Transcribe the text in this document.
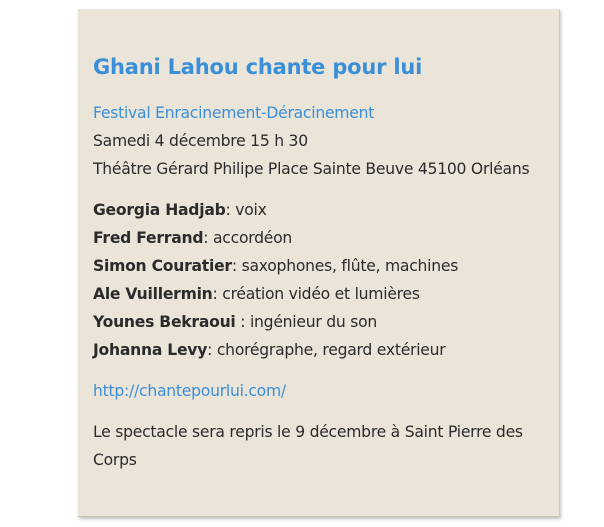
Ghani Lahou chante pour lui
Festival Enracinement-Déracinement
Samedi 4 décembre 15 h 30
Théâtre Gérard Philipe Place Sainte Beuve 45100 Orléans
Georgia Hadjab: voix
Fred Ferrand: accordéon
Simon Couratier: saxophones, flûte, machines
Ale Vuillermin: création vidéo et lumières
Younes Bekraoui : ingénieur du son
Johanna Levy: chorégraphe, regard extérieur
http://chantepourlui.com/

Le spectacle sera repris le 9 décembre à Saint Pierre des Corps
